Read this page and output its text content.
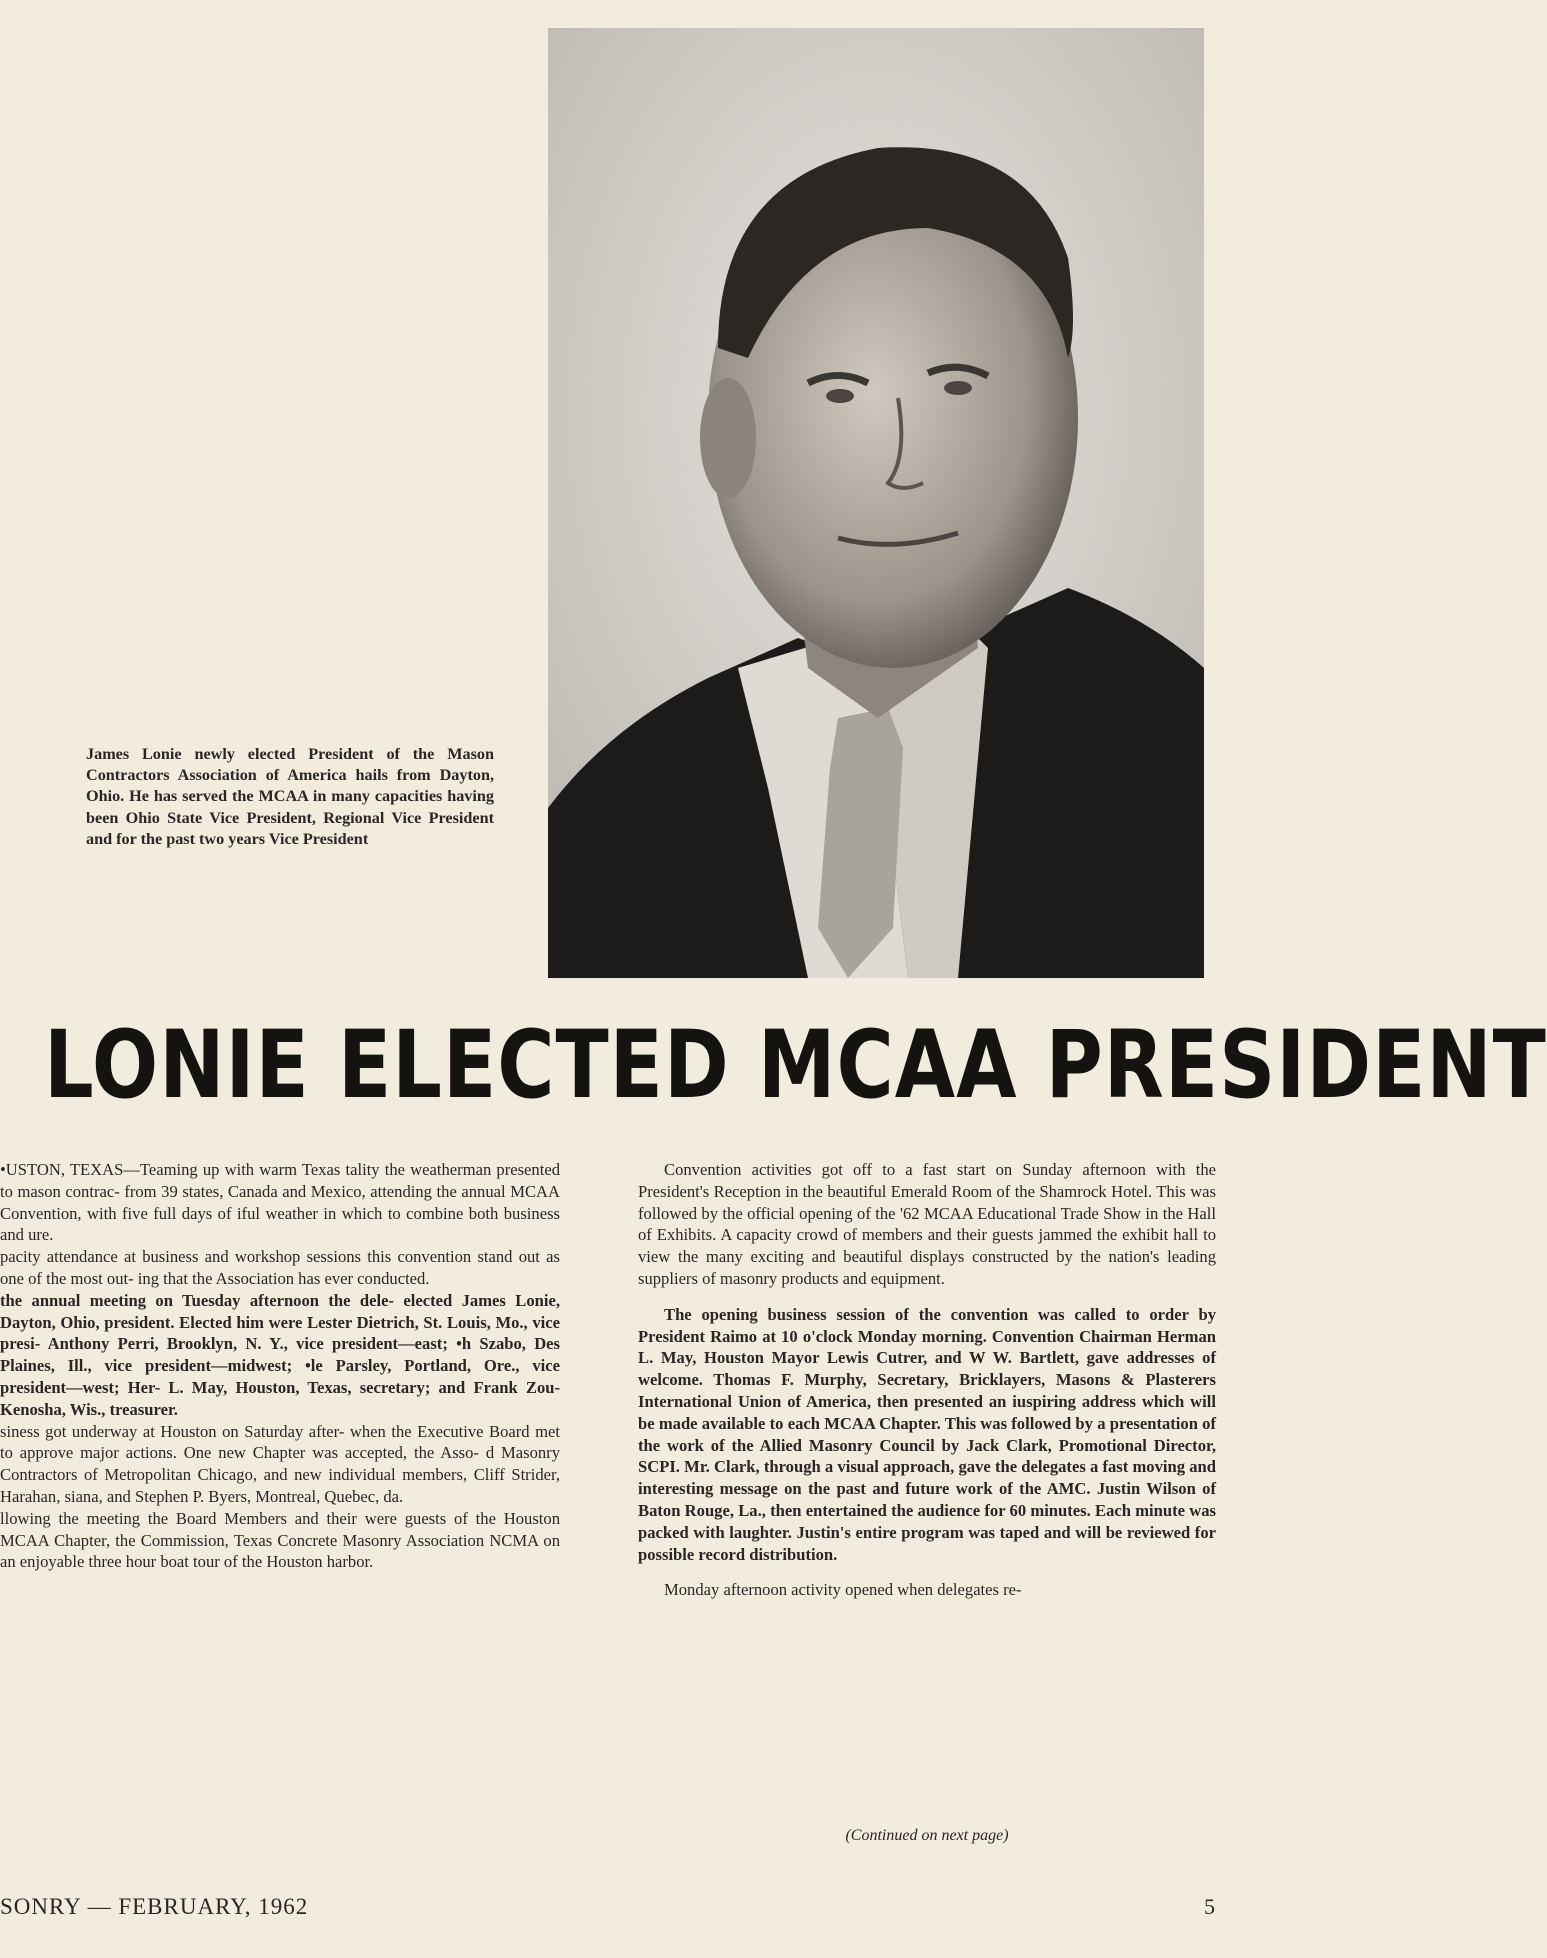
James Lonie newly elected President of the Mason Contractors Association of America hails from Dayton, Ohio. He has served the MCAA in many capacities having been Ohio State Vice President, Regional Vice President and for the past two years Vice President
LONIE ELECTED MCAA PRESIDENT

•USTON, TEXAS—Teaming up with warm Texas tality the weatherman presented to mason contrac- from 39 states, Canada and Mexico, attending the annual MCAA Convention, with five full days of iful weather in which to combine both business and ure.

pacity attendance at business and workshop sessions this convention stand out as one of the most out- ing that the Association has ever conducted.

the annual meeting on Tuesday afternoon the dele- elected James Lonie, Dayton, Ohio, president. Elected him were Lester Dietrich, St. Louis, Mo., vice presi- Anthony Perri, Brooklyn, N. Y., vice president—east; •h Szabo, Des Plaines, Ill., vice president—midwest; •le Parsley, Portland, Ore., vice president—west; Her- L. May, Houston, Texas, secretary; and Frank Zou- Kenosha, Wis., treasurer.

siness got underway at Houston on Saturday after- when the Executive Board met to approve major actions. One new Chapter was accepted, the Asso- d Masonry Contractors of Metropolitan Chicago, and new individual members, Cliff Strider, Harahan, siana, and Stephen P. Byers, Montreal, Quebec, da.

llowing the meeting the Board Members and their were guests of the Houston MCAA Chapter, the Commission, Texas Concrete Masonry Association NCMA on an enjoyable three hour boat tour of the Houston harbor.

Convention activities got off to a fast start on Sunday afternoon with the President's Reception in the beautiful Emerald Room of the Shamrock Hotel. This was followed by the official opening of the '62 MCAA Educational Trade Show in the Hall of Exhibits. A capacity crowd of members and their guests jammed the exhibit hall to view the many exciting and beautiful displays constructed by the nation's leading suppliers of masonry products and equipment.

The opening business session of the convention was called to order by President Raimo at 10 o'clock Monday morning. Convention Chairman Herman L. May, Houston Mayor Lewis Cutrer, and W W. Bartlett, gave addresses of welcome. Thomas F. Murphy, Secretary, Bricklayers, Masons & Plasterers International Union of America, then presented an iuspiring address which will be made available to each MCAA Chapter. This was followed by a presentation of the work of the Allied Masonry Council by Jack Clark, Promotional Director, SCPI. Mr. Clark, through a visual approach, gave the delegates a fast moving and interesting message on the past and future work of the AMC. Justin Wilson of Baton Rouge, La., then entertained the audience for 60 minutes. Each minute was packed with laughter. Justin's entire program was taped and will be reviewed for possible record distribution.

Monday afternoon activity opened when delegates re-

(Continued on next page)
SONRY — FEBRUARY, 1962	5
